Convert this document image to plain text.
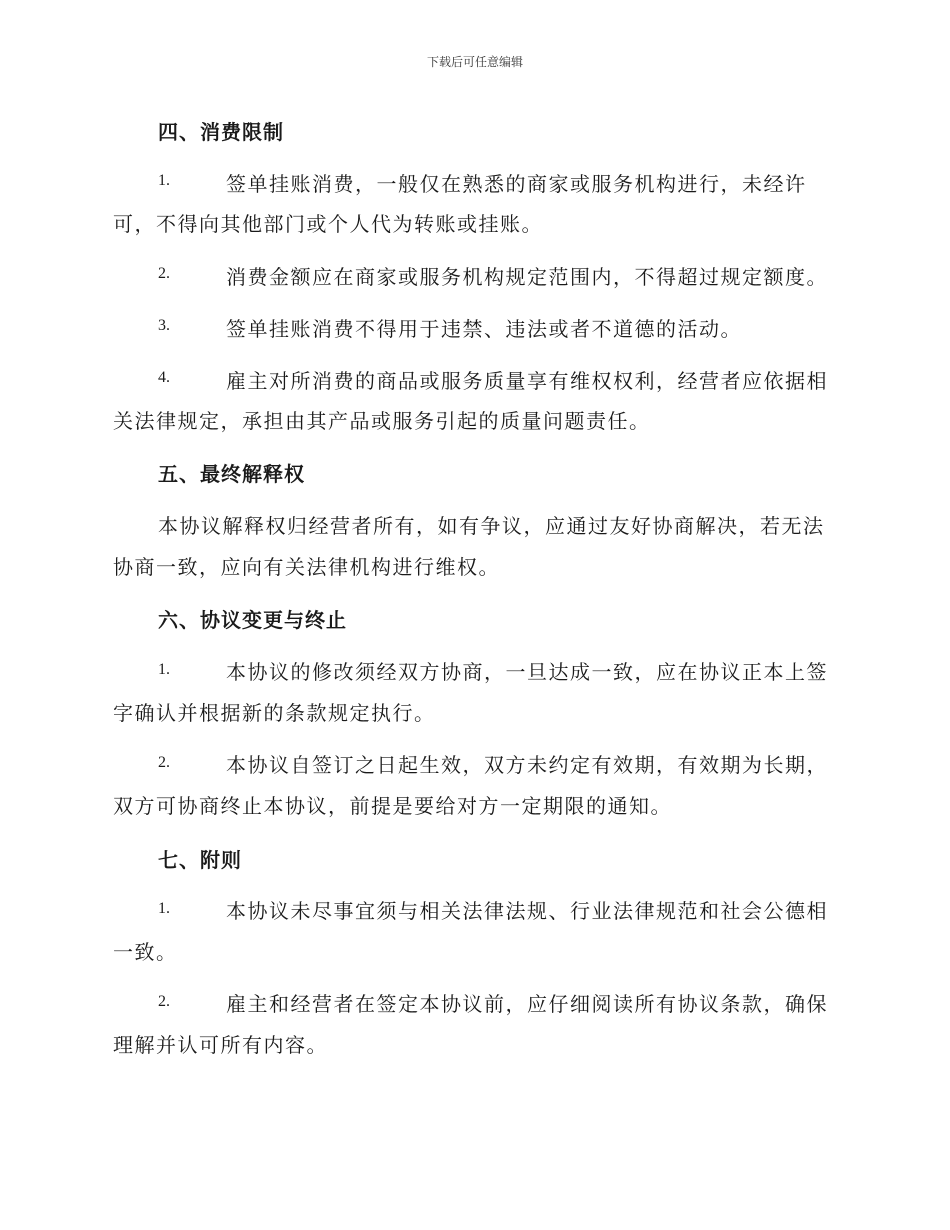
下载后可任意编辑
四、消费限制
1.	签单挂账消费，一般仅在熟悉的商家或服务机构进行，未经许
可，不得向其他部门或个人代为转账或挂账。
2.	消费金额应在商家或服务机构规定范围内，不得超过规定额度。
3.	签单挂账消费不得用于违禁、违法或者不道德的活动。
4.	雇主对所消费的商品或服务质量享有维权权利，经营者应依据相
关法律规定，承担由其产品或服务引起的质量问题责任。
五、最终解释权
本协议解释权归经营者所有，如有争议，应通过友好协商解决，若无法
协商一致，应向有关法律机构进行维权。
六、协议变更与终止
1.	本协议的修改须经双方协商，一旦达成一致，应在协议正本上签
字确认并根据新的条款规定执行。
2.	本协议自签订之日起生效，双方未约定有效期，有效期为长期，
双方可协商终止本协议，前提是要给对方一定期限的通知。
七、附则
1.	本协议未尽事宜须与相关法律法规、行业法律规范和社会公德相
一致。
2.	雇主和经营者在签定本协议前，应仔细阅读所有协议条款，确保
理解并认可所有内容。
